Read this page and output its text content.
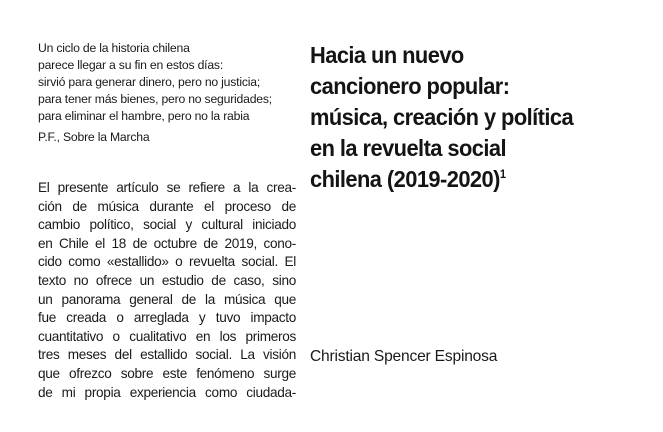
Un ciclo de la historia chilena
parece llegar a su fin en estos días:
sirvió para generar dinero, pero no justicia;
para tener más bienes, pero no seguridades;
para eliminar el hambre, pero no la rabia
P.F., Sobre la Marcha
El presente artículo se refiere a la crea-
ción de música durante el proceso de
cambio político, social y cultural iniciado
en Chile el 18 de octubre de 2019, cono-
cido como «estallido» o revuelta social. El
texto no ofrece un estudio de caso, sino
un panorama general de la música que
fue creada o arreglada y tuvo impacto
cuantitativo o cualitativo en los primeros
tres meses del estallido social. La visión
que ofrezco sobre este fenómeno surge
de mi propia experiencia como ciudada-
Hacia un nuevo
cancionero popular:
música, creación y política
en la revuelta social
chilena (2019-2020)$^1$
Christian Spencer Espinosa
